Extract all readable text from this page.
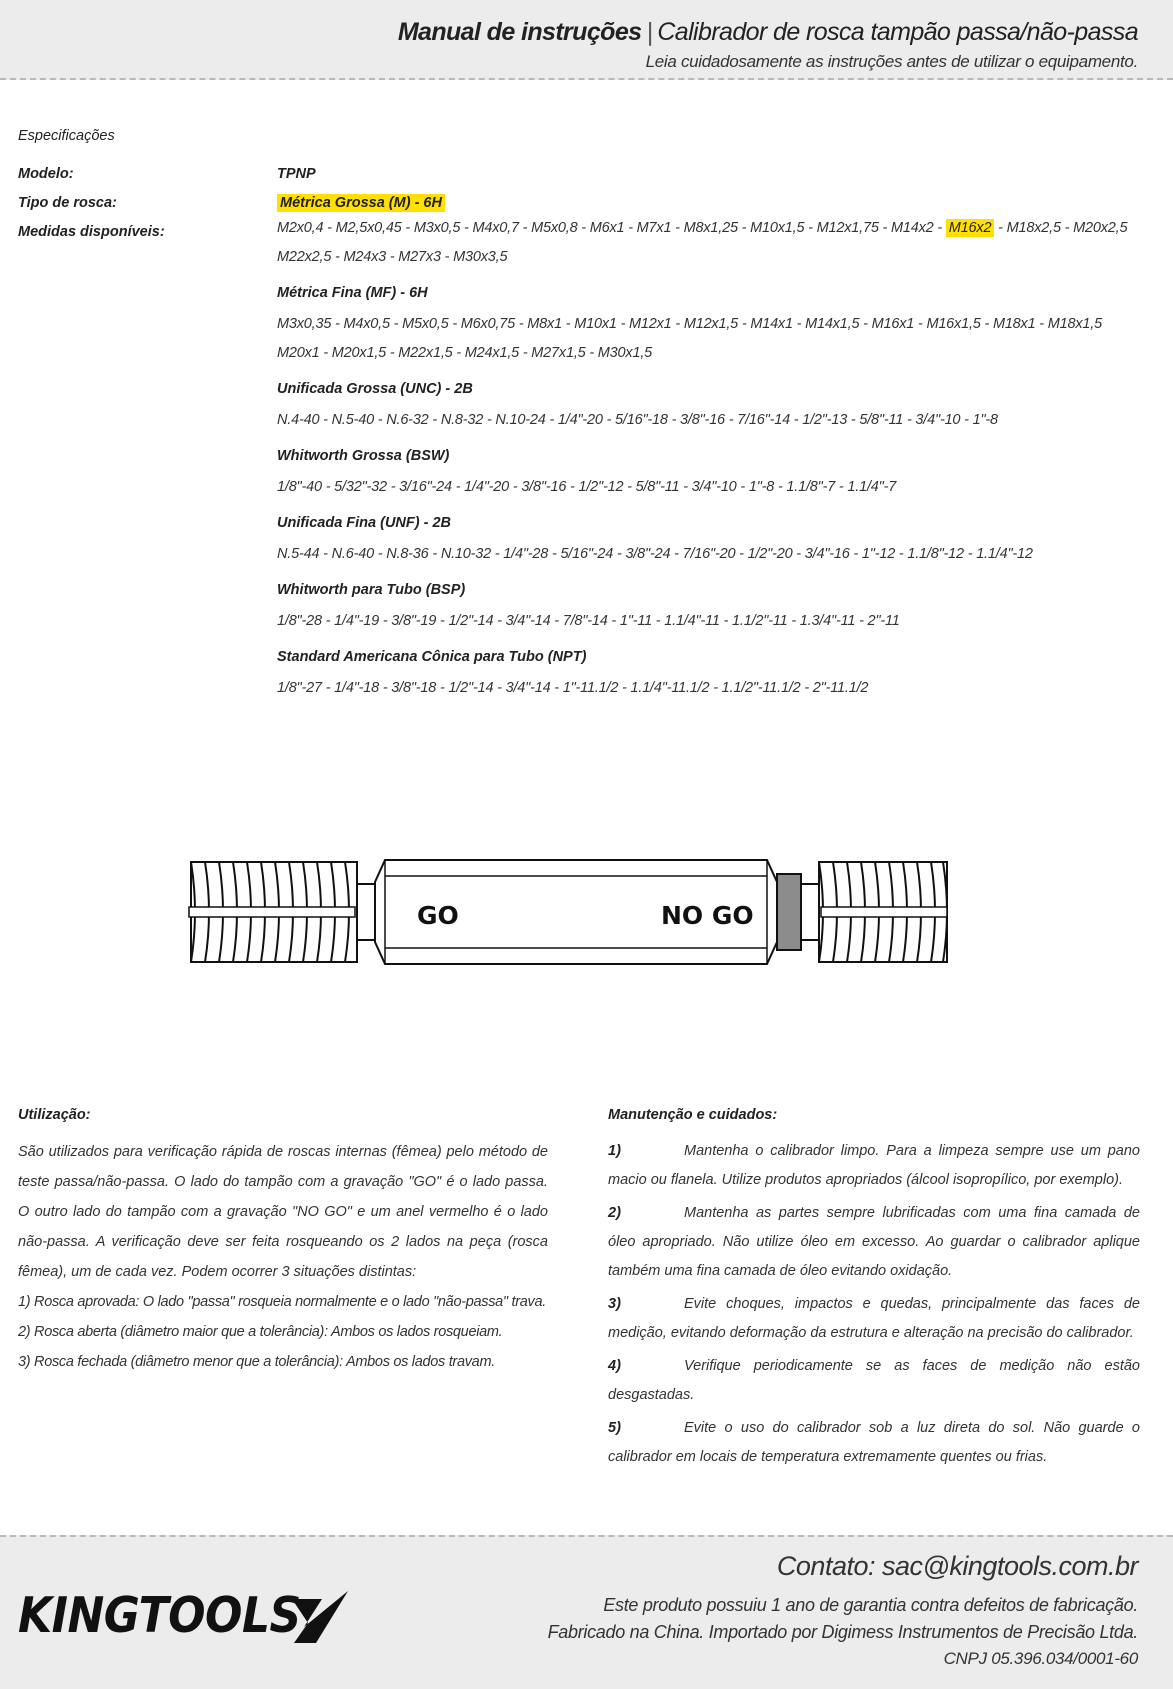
Manual de instruções | Calibrador de rosca tampão passa/não-passa
Leia cuidadosamente as instruções antes de utilizar o equipamento.
Especificações
Modelo:	TPNP
Tipo de rosca:	Métrica Grossa (M) - 6H
Medidas disponíveis:	M2x0,4 - M2,5x0,45 - M3x0,5 - M4x0,7 - M5x0,8 - M6x1 - M7x1 - M8x1,25 - M10x1,5 - M12x1,75 - M14x2 - M16x2 - M18x2,5 - M20x2,5
M22x2,5 - M24x3 - M27x3 - M30x3,5
Métrica Fina (MF) - 6H
M3x0,35 - M4x0,5 - M5x0,5 - M6x0,75 - M8x1 - M10x1 - M12x1 - M12x1,5 - M14x1 - M14x1,5 - M16x1 - M16x1,5 - M18x1 - M18x1,5
M20x1 - M20x1,5 - M22x1,5 - M24x1,5 - M27x1,5 - M30x1,5
Unificada Grossa (UNC) - 2B
N.4-40 - N.5-40 - N.6-32 - N.8-32 - N.10-24 - 1/4"-20 - 5/16"-18 - 3/8"-16 - 7/16"-14 - 1/2"-13 - 5/8"-11 - 3/4"-10 - 1"-8
Whitworth Grossa (BSW)
1/8"-40 - 5/32"-32 - 3/16"-24 - 1/4"-20 - 3/8"-16 - 1/2"-12 - 5/8"-11 - 3/4"-10 - 1"-8 - 1.1/8"-7 - 1.1/4"-7
Unificada Fina (UNF) - 2B
N.5-44 - N.6-40 - N.8-36 - N.10-32 - 1/4"-28 - 5/16"-24 - 3/8"-24 - 7/16"-20 - 1/2"-20 - 3/4"-16 - 1"-12 - 1.1/8"-12 - 1.1/4"-12
Whitworth para Tubo (BSP)
1/8"-28 - 1/4"-19 - 3/8"-19 - 1/2"-14 - 3/4"-14 - 7/8"-14 - 1"-11 - 1.1/4"-11 - 1.1/2"-11 - 1.3/4"-11 - 2"-11
Standard Americana Cônica para Tubo (NPT)
1/8"-27 - 1/4"-18 - 3/8"-18 - 1/2"-14 - 3/4"-14 - 1"-11.1/2 - 1.1/4"-11.1/2 - 1.1/2"-11.1/2 - 2"-11.1/2
GO	NO GO
Utilização:
São utilizados para verificação rápida de roscas internas (fêmea) pelo método de teste passa/não-passa. O lado do tampão com a gravação "GO" é o lado passa. O outro lado do tampão com a gravação "NO GO" e um anel vermelho é o lado não-passa. A verificação deve ser feita rosqueando os 2 lados na peça (rosca fêmea), um de cada vez. Podem ocorrer 3 situações distintas:
1) Rosca aprovada: O lado "passa" rosqueia normalmente e o lado "não-passa" trava.
2) Rosca aberta (diâmetro maior que a tolerância): Ambos os lados rosqueiam.
3) Rosca fechada (diâmetro menor que a tolerância): Ambos os lados travam.
Manutenção e cuidados:
1)	Mantenha o calibrador limpo. Para a limpeza sempre use um pano macio ou flanela. Utilize produtos apropriados (álcool isopropílico, por exemplo).
2)	Mantenha as partes sempre lubrificadas com uma fina camada de óleo apropriado. Não utilize óleo em excesso. Ao guardar o calibrador aplique também uma fina camada de óleo evitando oxidação.
3)	Evite choques, impactos e quedas, principalmente das faces de medição, evitando deformação da estrutura e alteração na precisão do calibrador.
4)	Verifique periodicamente se as faces de medição não estão desgastadas.
5)	Evite o uso do calibrador sob a luz direta do sol. Não guarde o calibrador em locais de temperatura extremamente quentes ou frias.
KINGTOOLS
Contato: sac@kingtools.com.br
Este produto possuiu 1 ano de garantia contra defeitos de fabricação.
Fabricado na China. Importado por Digimess Instrumentos de Precisão Ltda.
CNPJ 05.396.034/0001-60
